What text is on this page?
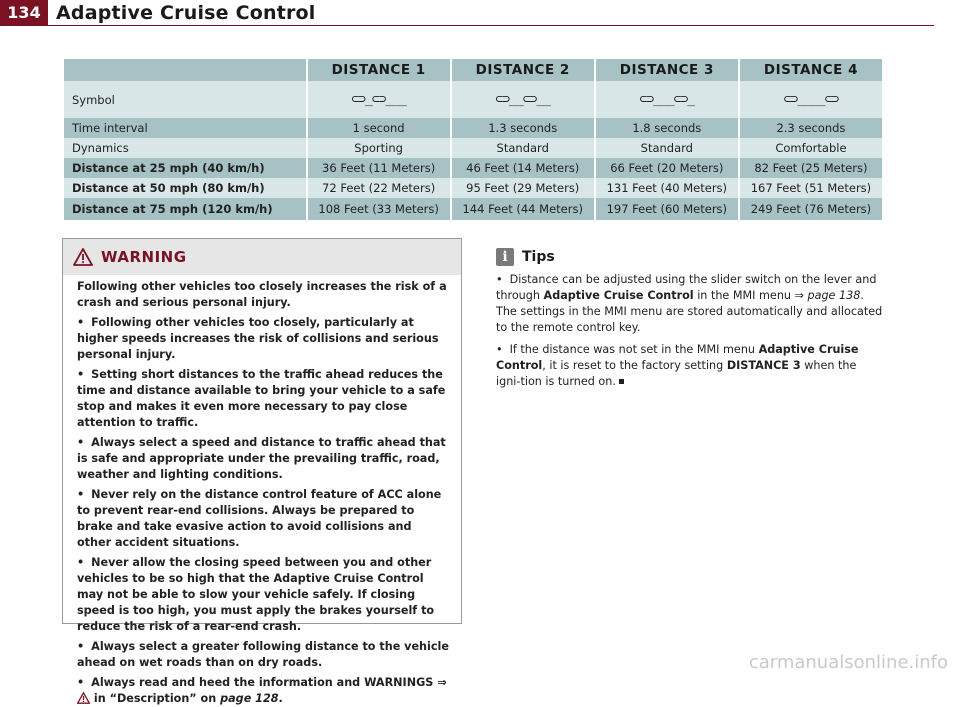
134 Adaptive Cruise Control
	DISTANCE 1	DISTANCE 2	DISTANCE 3	DISTANCE 4
Symbol	⊂⊃_⊂⊃___	⊂⊃__⊂⊃__	⊂⊃___⊂⊃_	⊂⊃____⊂⊃
Time interval	1 second	1.3 seconds	1.8 seconds	2.3 seconds
Dynamics	Sporting	Standard	Standard	Comfortable
Distance at 25 mph (40 km/h)	36 Feet (11 Meters)	46 Feet (14 Meters)	66 Feet (20 Meters)	82 Feet (25 Meters)
Distance at 50 mph (80 km/h)	72 Feet (22 Meters)	95 Feet (29 Meters)	131 Feet (40 Meters)	167 Feet (51 Meters)
Distance at 75 mph (120 km/h)	108 Feet (33 Meters)	144 Feet (44 Meters)	197 Feet (60 Meters)	249 Feet (76 Meters)
WARNING

Following other vehicles too closely increases the risk of a crash and serious personal injury.

• Following other vehicles too closely, particularly at higher speeds increases the risk of collisions and serious personal injury.

• Setting short distances to the traffic ahead reduces the time and distance available to bring your vehicle to a safe stop and makes it even more necessary to pay close attention to traffic.

• Always select a speed and distance to traffic ahead that is safe and appropriate under the prevailing traffic, road, weather and lighting conditions.

• Never rely on the distance control feature of ACC alone to prevent rear-end collisions. Always be prepared to brake and take evasive action to avoid collisions and other accident situations.

• Never allow the closing speed between you and other vehicles to be so high that the Adaptive Cruise Control may not be able to slow your vehicle safely. If closing speed is too high, you must apply the brakes yourself to reduce the risk of a rear-end crash.

• Always select a greater following distance to the vehicle ahead on wet roads than on dry roads.

• Always read and heed the information and WARNINGS ⇒  in “Description” on page 128.

i	Tips

• Distance can be adjusted using the slider switch on the lever and through Adaptive Cruise Control in the MMI menu ⇒ page 138. The settings in the MMI menu are stored automatically and allocated to the remote control key.

• If the distance was not set in the MMI menu Adaptive Cruise Control, it is reset to the factory setting DISTANCE 3 when the igni-tion is turned on.

carmanualsonline.info
